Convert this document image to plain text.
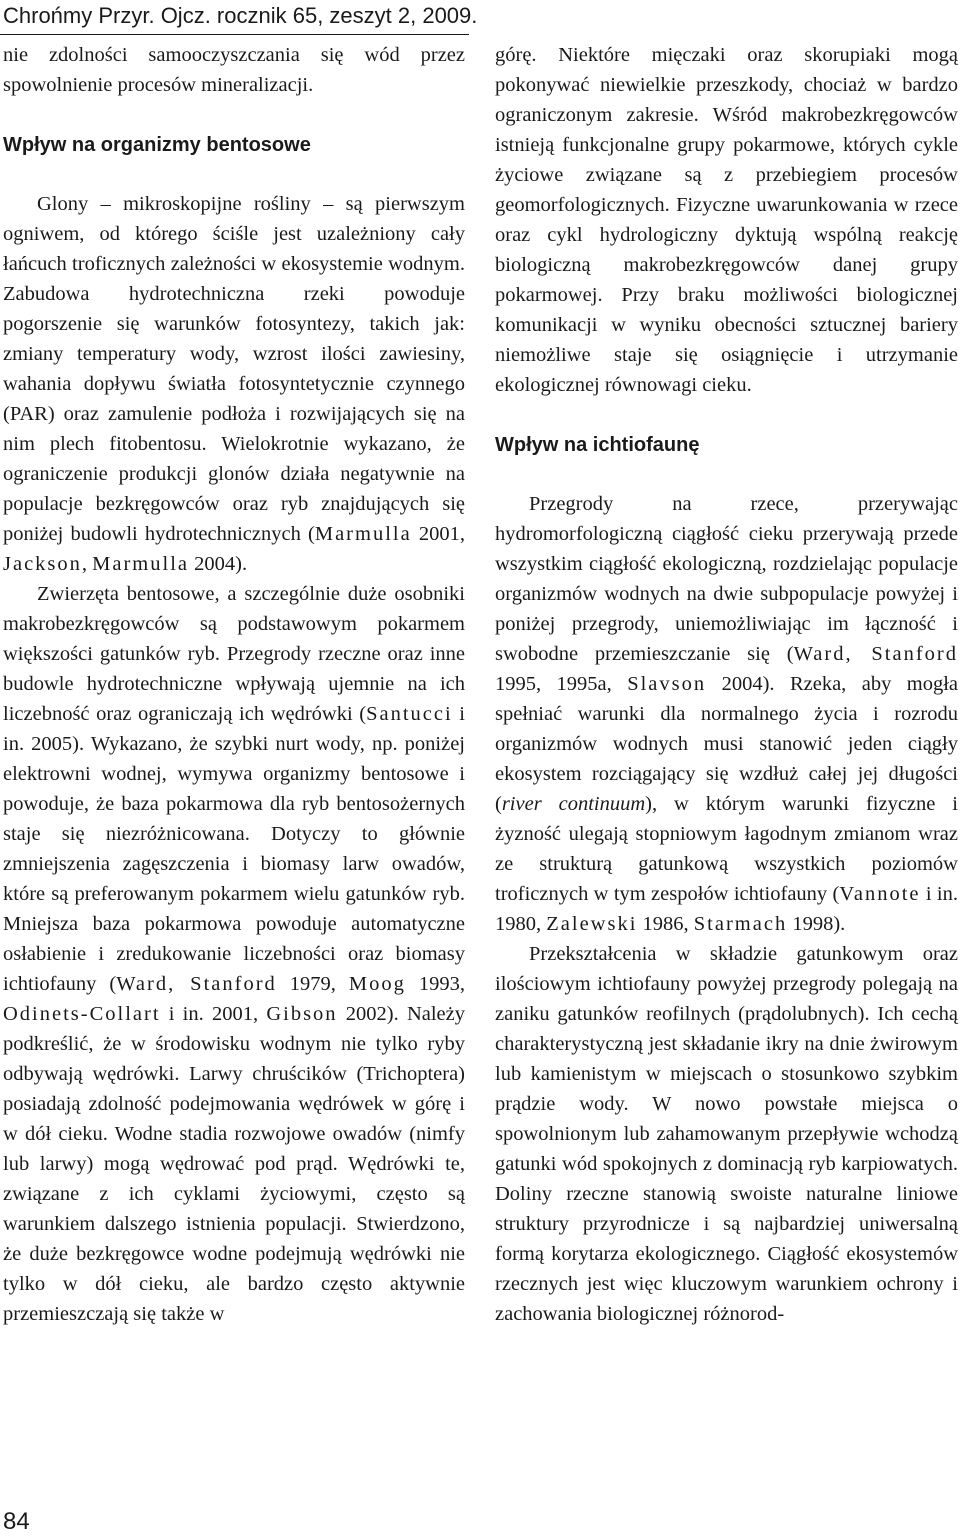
Chrońmy Przyr. Ojcz. rocznik 65, zeszyt 2, 2009.

nie zdolności samooczyszczania się wód przez spowolnienie procesów mineralizacji.

Wpływ na organizmy bentosowe

Glony – mikroskopijne rośliny – są pierwszym ogniwem, od którego ściśle jest uzależniony cały łańcuch troficznych zależności w ekosystemie wodnym. Zabudowa hydrotechniczna rzeki powoduje pogorszenie się warunków fotosyntezy, takich jak: zmiany temperatury wody, wzrost ilości zawiesiny, wahania dopływu światła fotosyntetycznie czynnego (PAR) oraz zamulenie podłoża i rozwijających się na nim plech fitobentosu. Wielokrotnie wykazano, że ograniczenie produkcji glonów działa negatywnie na populacje bezkręgowców oraz ryb znajdujących się poniżej budowli hydrotechnicznych (Marmulla 2001, Jackson, Marmulla 2004).

Zwierzęta bentosowe, a szczególnie duże osobniki makrobezkręgowców są podstawowym pokarmem większości gatunków ryb. Przegrody rzeczne oraz inne budowle hydrotechniczne wpływają ujemnie na ich liczebność oraz ograniczają ich wędrówki (Santucci i in. 2005). Wykazano, że szybki nurt wody, np. poniżej elektrowni wodnej, wymywa organizmy bentosowe i powoduje, że baza pokarmowa dla ryb bentosożernych staje się niezróżnicowana. Dotyczy to głównie zmniejszenia zagęszczenia i biomasy larw owadów, które są preferowanym pokarmem wielu gatunków ryb. Mniejsza baza pokarmowa powoduje automatyczne osłabienie i zredukowanie liczebności oraz biomasy ichtiofauny (Ward, Stanford 1979, Moog 1993, Odinets-Collart i in. 2001, Gibson 2002). Należy podkreślić, że w środowisku wodnym nie tylko ryby odbywają wędrówki. Larwy chruścików (Trichoptera) posiadają zdolność podejmowania wędrówek w górę i w dół cieku. Wodne stadia rozwojowe owadów (nimfy lub larwy) mogą wędrować pod prąd. Wędrówki te, związane z ich cyklami życiowymi, często są warunkiem dalszego istnienia populacji. Stwierdzono, że duże bezkręgowce wodne podejmują wędrówki nie tylko w dół cieku, ale bardzo często aktywnie przemieszczają się także w

górę. Niektóre mięczaki oraz skorupiaki mogą pokonywać niewielkie przeszkody, chociaż w bardzo ograniczonym zakresie. Wśród makrobezkręgowców istnieją funkcjonalne grupy pokarmowe, których cykle życiowe związane są z przebiegiem procesów geomorfologicznych. Fizyczne uwarunkowania w rzece oraz cykl hydrologiczny dyktują wspólną reakcję biologiczną makrobezkręgowców danej grupy pokarmowej. Przy braku możliwości biologicznej komunikacji w wyniku obecności sztucznej bariery niemożliwe staje się osiągnięcie i utrzymanie ekologicznej równowagi cieku.

Wpływ na ichtiofaunę

Przegrody na rzece, przerywając hydromorfologiczną ciągłość cieku przerywają przede wszystkim ciągłość ekologiczną, rozdzielając populacje organizmów wodnych na dwie subpopulacje powyżej i poniżej przegrody, uniemożliwiając im łączność i swobodne przemieszczanie się (Ward, Stanford 1995, 1995a, Slavson 2004). Rzeka, aby mogła spełniać warunki dla normalnego życia i rozrodu organizmów wodnych musi stanowić jeden ciągły ekosystem rozciągający się wzdłuż całej jej długości (river continuum), w którym warunki fizyczne i żyzność ulegają stopniowym łagodnym zmianom wraz ze strukturą gatunkową wszystkich poziomów troficznych w tym zespołów ichtiofauny (Vannote i in. 1980, Zalewski 1986, Starmach 1998).

Przekształcenia w składzie gatunkowym oraz ilościowym ichtiofauny powyżej przegrody polegają na zaniku gatunków reofilnych (prądolubnych). Ich cechą charakterystyczną jest składanie ikry na dnie żwirowym lub kamienistym w miejscach o stosunkowo szybkim prądzie wody. W nowo powstałe miejsca o spowolnionym lub zahamowanym przepływie wchodzą gatunki wód spokojnych z dominacją ryb karpiowatych. Doliny rzeczne stanowią swoiste naturalne liniowe struktury przyrodnicze i są najbardziej uniwersalną formą korytarza ekologicznego. Ciągłość ekosystemów rzecznych jest więc kluczowym warunkiem ochrony i zachowania biologicznej różnorod-

84
